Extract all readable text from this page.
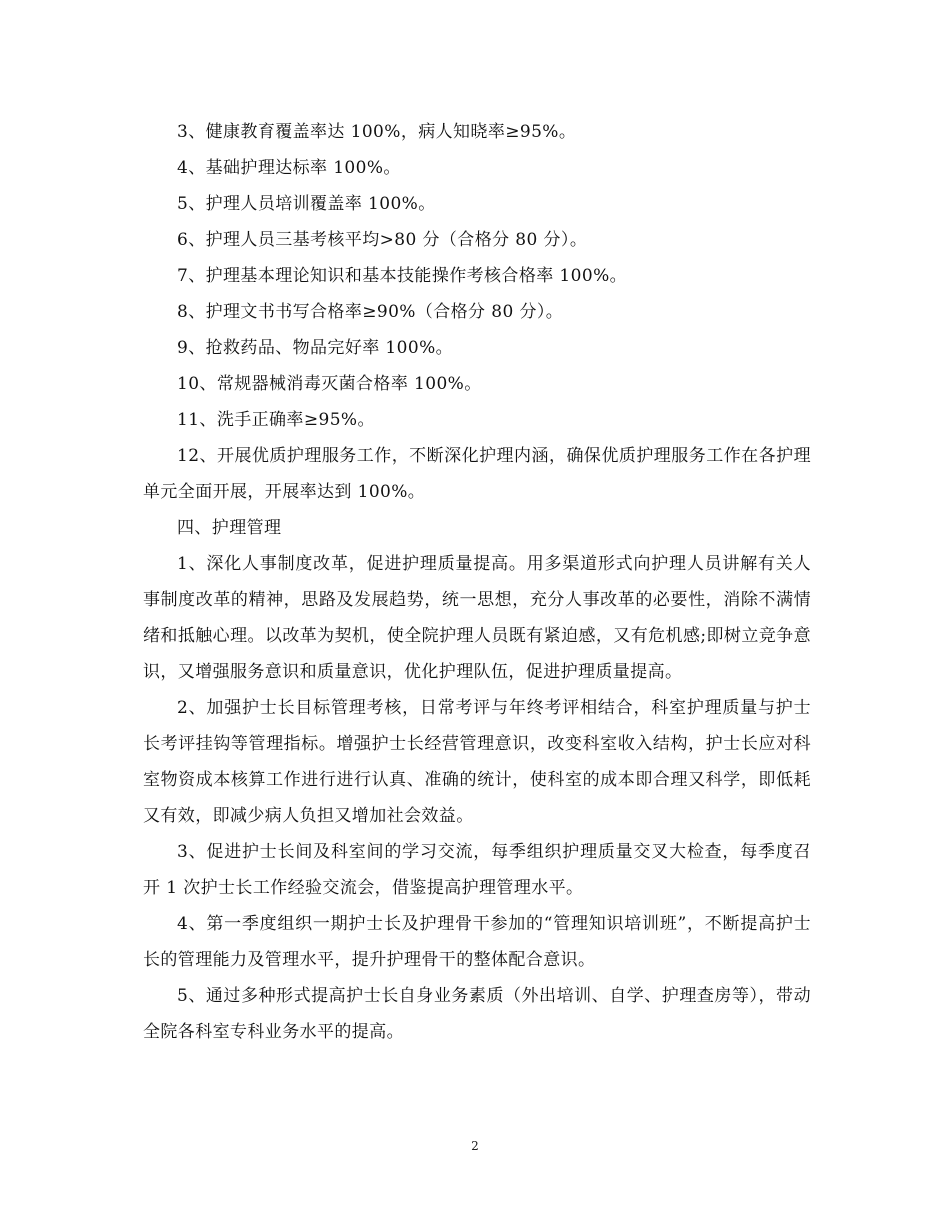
3、健康教育覆盖率达 100%，病人知晓率≥95%。

4、基础护理达标率 100%。

5、护理人员培训覆盖率 100%。

6、护理人员三基考核平均>80 分（合格分 80 分）。

7、护理基本理论知识和基本技能操作考核合格率 100%。

8、护理文书书写合格率≥90%（合格分 80 分）。

9、抢救药品、物品完好率 100%。

10、常规器械消毒灭菌合格率 100%。

11、洗手正确率≥95%。

12、开展优质护理服务工作，不断深化护理内涵，确保优质护理服务工作在各护理单元全面开展，开展率达到 100%。

四、护理管理

1、深化人事制度改革，促进护理质量提高。用多渠道形式向护理人员讲解有关人事制度改革的精神，思路及发展趋势，统一思想，充分人事改革的必要性，消除不满情绪和抵触心理。以改革为契机，使全院护理人员既有紧迫感，又有危机感;即树立竞争意识，又增强服务意识和质量意识，优化护理队伍，促进护理质量提高。

2、加强护士长目标管理考核，日常考评与年终考评相结合，科室护理质量与护士长考评挂钩等管理指标。增强护士长经营管理意识，改变科室收入结构，护士长应对科室物资成本核算工作进行进行认真、准确的统计，使科室的成本即合理又科学，即低耗又有效，即减少病人负担又增加社会效益。

3、促进护士长间及科室间的学习交流，每季组织护理质量交叉大检查，每季度召开 1 次护士长工作经验交流会，借鉴提高护理管理水平。

4、第一季度组织一期护士长及护理骨干参加的“管理知识培训班”，不断提高护士长的管理能力及管理水平，提升护理骨干的整体配合意识。

5、通过多种形式提高护士长自身业务素质（外出培训、自学、护理查房等），带动全院各科室专科业务水平的提高。

2
